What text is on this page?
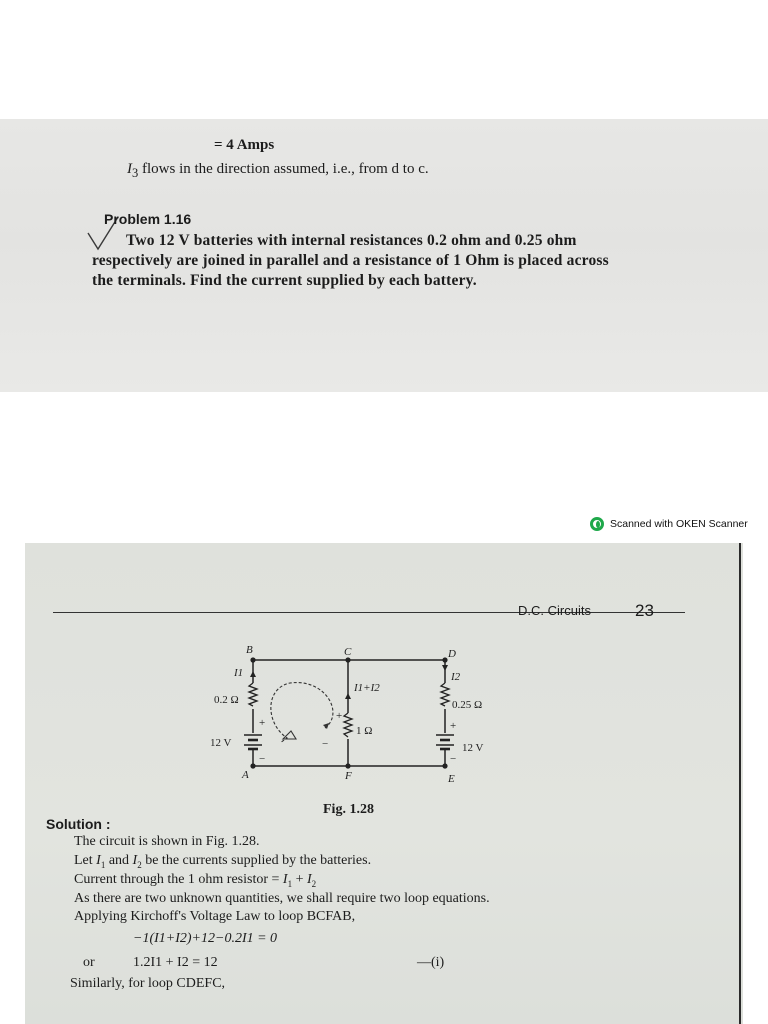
= 4 Amps
$I_3$ flows in the direction assumed, i.e., from d to c.
Problem 1.16
Two 12 V batteries with internal resistances 0.2 ohm and 0.25 ohm
respectively are joined in parallel and a resistance of 1 Ohm is placed across
the terminals. Find the current supplied by each battery.
Scanned with OKEN Scanner
D.C. Circuits	23
B	C	D
A	F	E
I1
0.2 Ω
12 V
I1+I2
1 Ω
I2
0.25 Ω
12 V
+
−
+
−
+
−
Fig. 1.28
Solution :
The circuit is shown in Fig. 1.28.
Let $I_1$ and $I_2$ be the currents supplied by the batteries.
Current through the 1 ohm resistor = $I_1 + I_2$
As there are two unknown quantities, we shall require two loop equations.
Applying Kirchoff's Voltage Law to loop BCFAB,
−1(I1+I2)+12−0.2I1 = 0
or	1.2I1 + I2 = 12	—(i)
Similarly, for loop CDEFC,
